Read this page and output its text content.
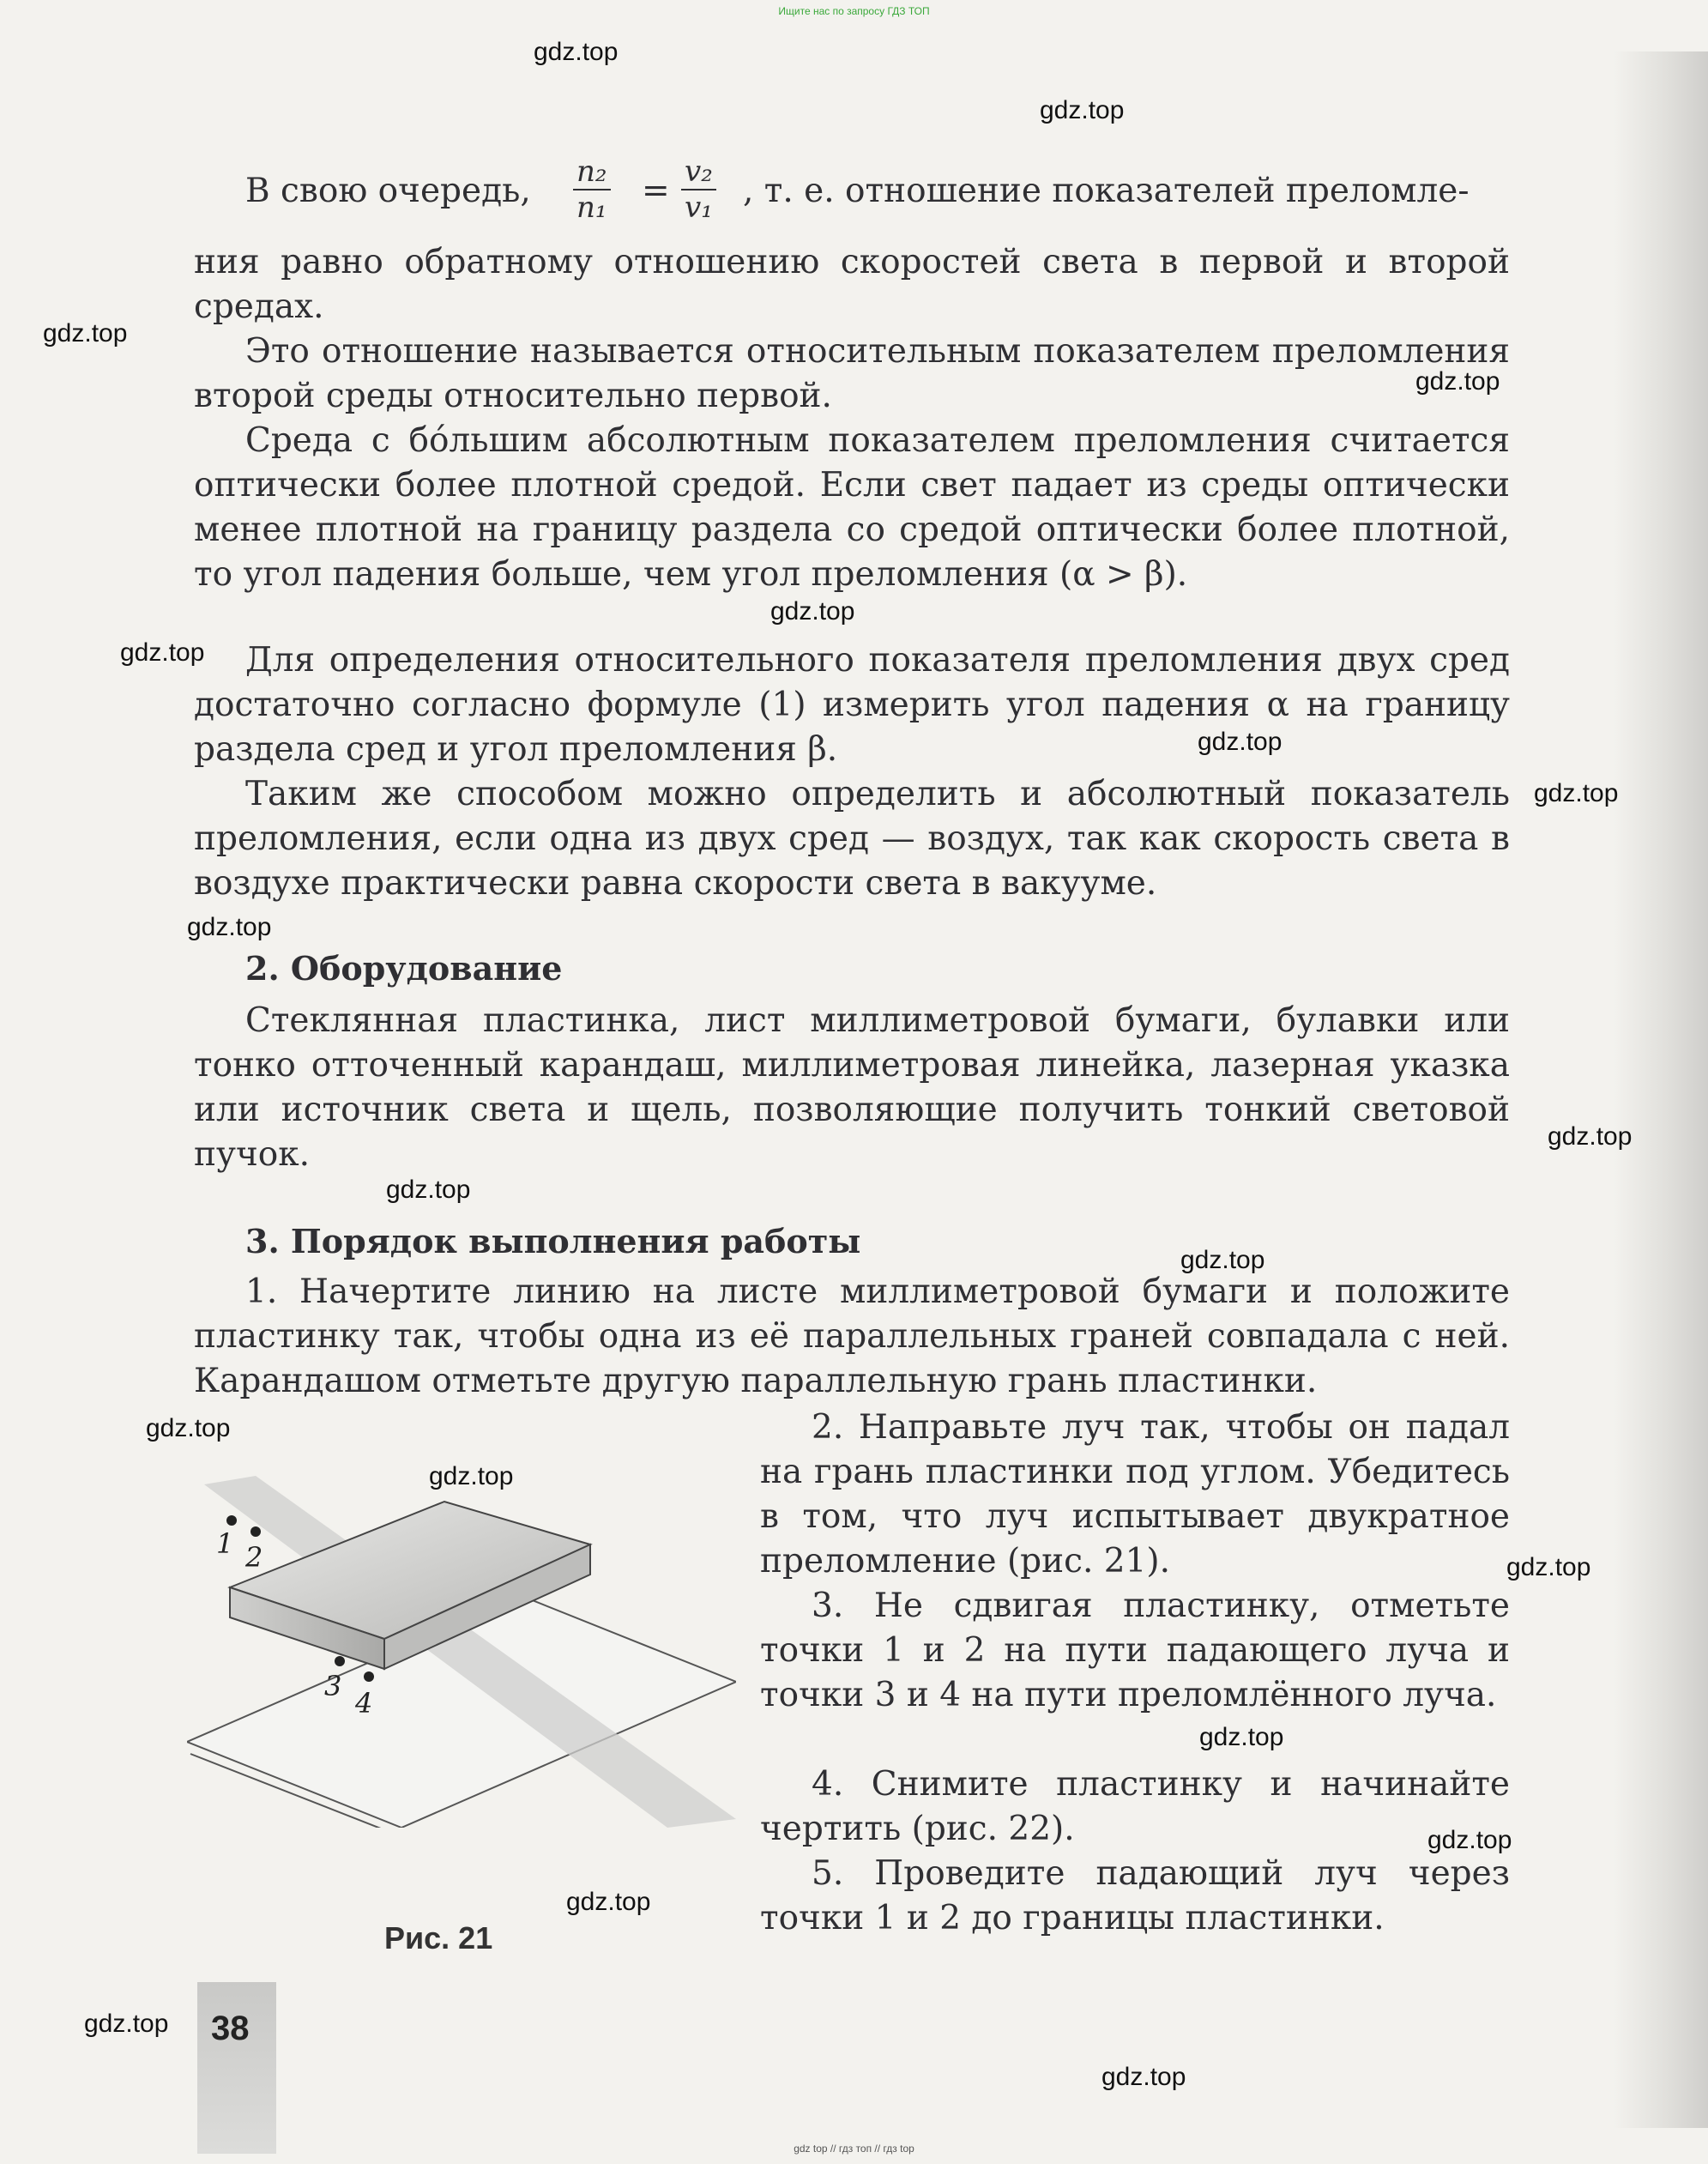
Ищите нас по запросу ГДЗ ТОП
gdz.top
gdz.top
gdz.top
gdz.top
gdz.top
gdz.top
gdz.top
gdz.top
gdz.top
gdz.top
gdz.top
gdz.top
gdz.top
gdz.top
gdz.top
gdz.top
gdz.top
gdz.top
gdz.top
gdz.top
В свою очередь, $\frac{\text{n₂}}{\text{n₁}} = \frac{\text{v₂}}{\text{v₁}}$ , т. е. отношение показателей преломле-
ния равно обратному отношению скоростей света в первой и второй средах.
Это отношение называется относительным показателем преломления второй среды относительно первой.
Среда с бо́льшим абсолютным показателем преломления считается оптически более плотной средой. Если свет падает из среды оптически менее плотной на границу раздела со средой оптически более плотной, то угол падения больше, чем угол преломления (α > β).
Для определения относительного показателя преломления двух сред достаточно согласно формуле (1) измерить угол падения α на границу раздела сред и угол преломления β.
Таким же способом можно определить и абсолютный показатель преломления, если одна из двух сред — воздух, так как скорость света в воздухе практически равна скорости света в вакууме.
2. Оборудование
Стеклянная пластинка, лист миллиметровой бумаги, булавки или тонко отточенный карандаш, миллиметровая линейка, лазерная указка или источник света и щель, позволяющие получить тонкий световой пучок.
3. Порядок выполнения работы
1. Начертите линию на листе миллиметровой бумаги и положите пластинку так, чтобы одна из её параллельных граней совпадала с ней. Карандашом отметьте другую параллельную грань пластинки.
2. Направьте луч так, чтобы он падал на грань пластинки под углом. Убедитесь в том, что луч испытывает двукратное преломление (рис. 21).
3. Не сдвигая пластинку, отметьте точки 1 и 2 на пути падающего луча и точки 3 и 4 на пути преломлённого луча.
4. Снимите пластинку и начинайте чертить (рис. 22).
5. Проведите падающий луч через точки 1 и 2 до границы пластинки.
1 2
3
4
Рис. 21
38
gdz top // гдз топ // гдз top
